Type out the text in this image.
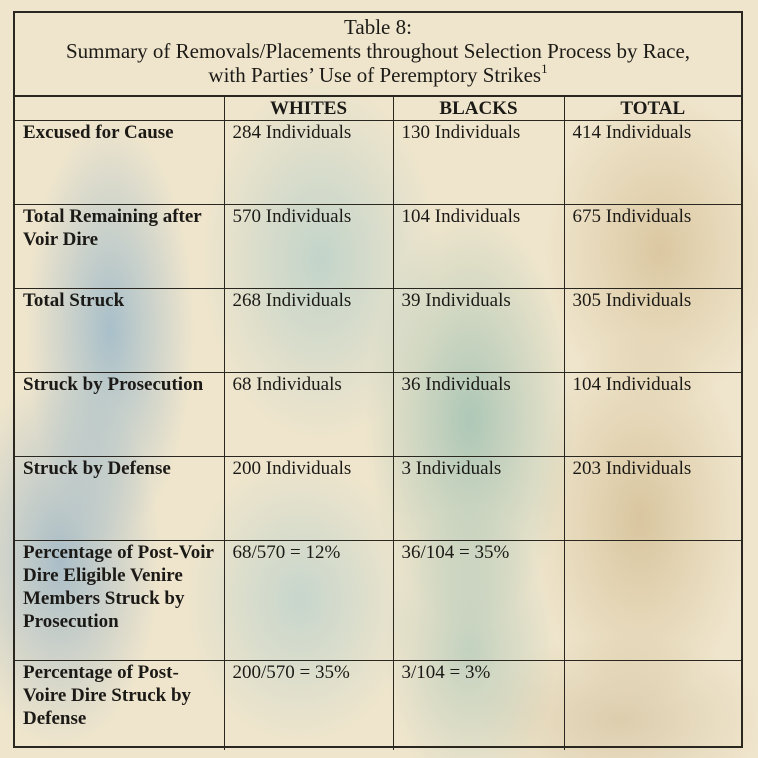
Table 8:
Summary of Removals/Placements throughout Selection Process by Race,
with Parties’ Use of Peremptory Strikes$^1$
	WHITES	BLACKS	TOTAL
Excused for Cause	284 Individuals	130 Individuals	414 Individuals
Total Remaining after Voir Dire	570 Individuals	104 Individuals	675 Individuals
Total Struck	268 Individuals	39 Individuals	305 Individuals
Struck by Prosecution	68 Individuals	36 Individuals	104 Individuals
Struck by Defense	200 Individuals	3 Individuals	203 Individuals
Percentage of Post-Voir Dire Eligible Venire Members Struck by Prosecution	68/570 = 12%	36/104 = 35%	
Percentage of Post-Voire Dire Struck by Defense	200/570 = 35%	3/104 = 3%	
